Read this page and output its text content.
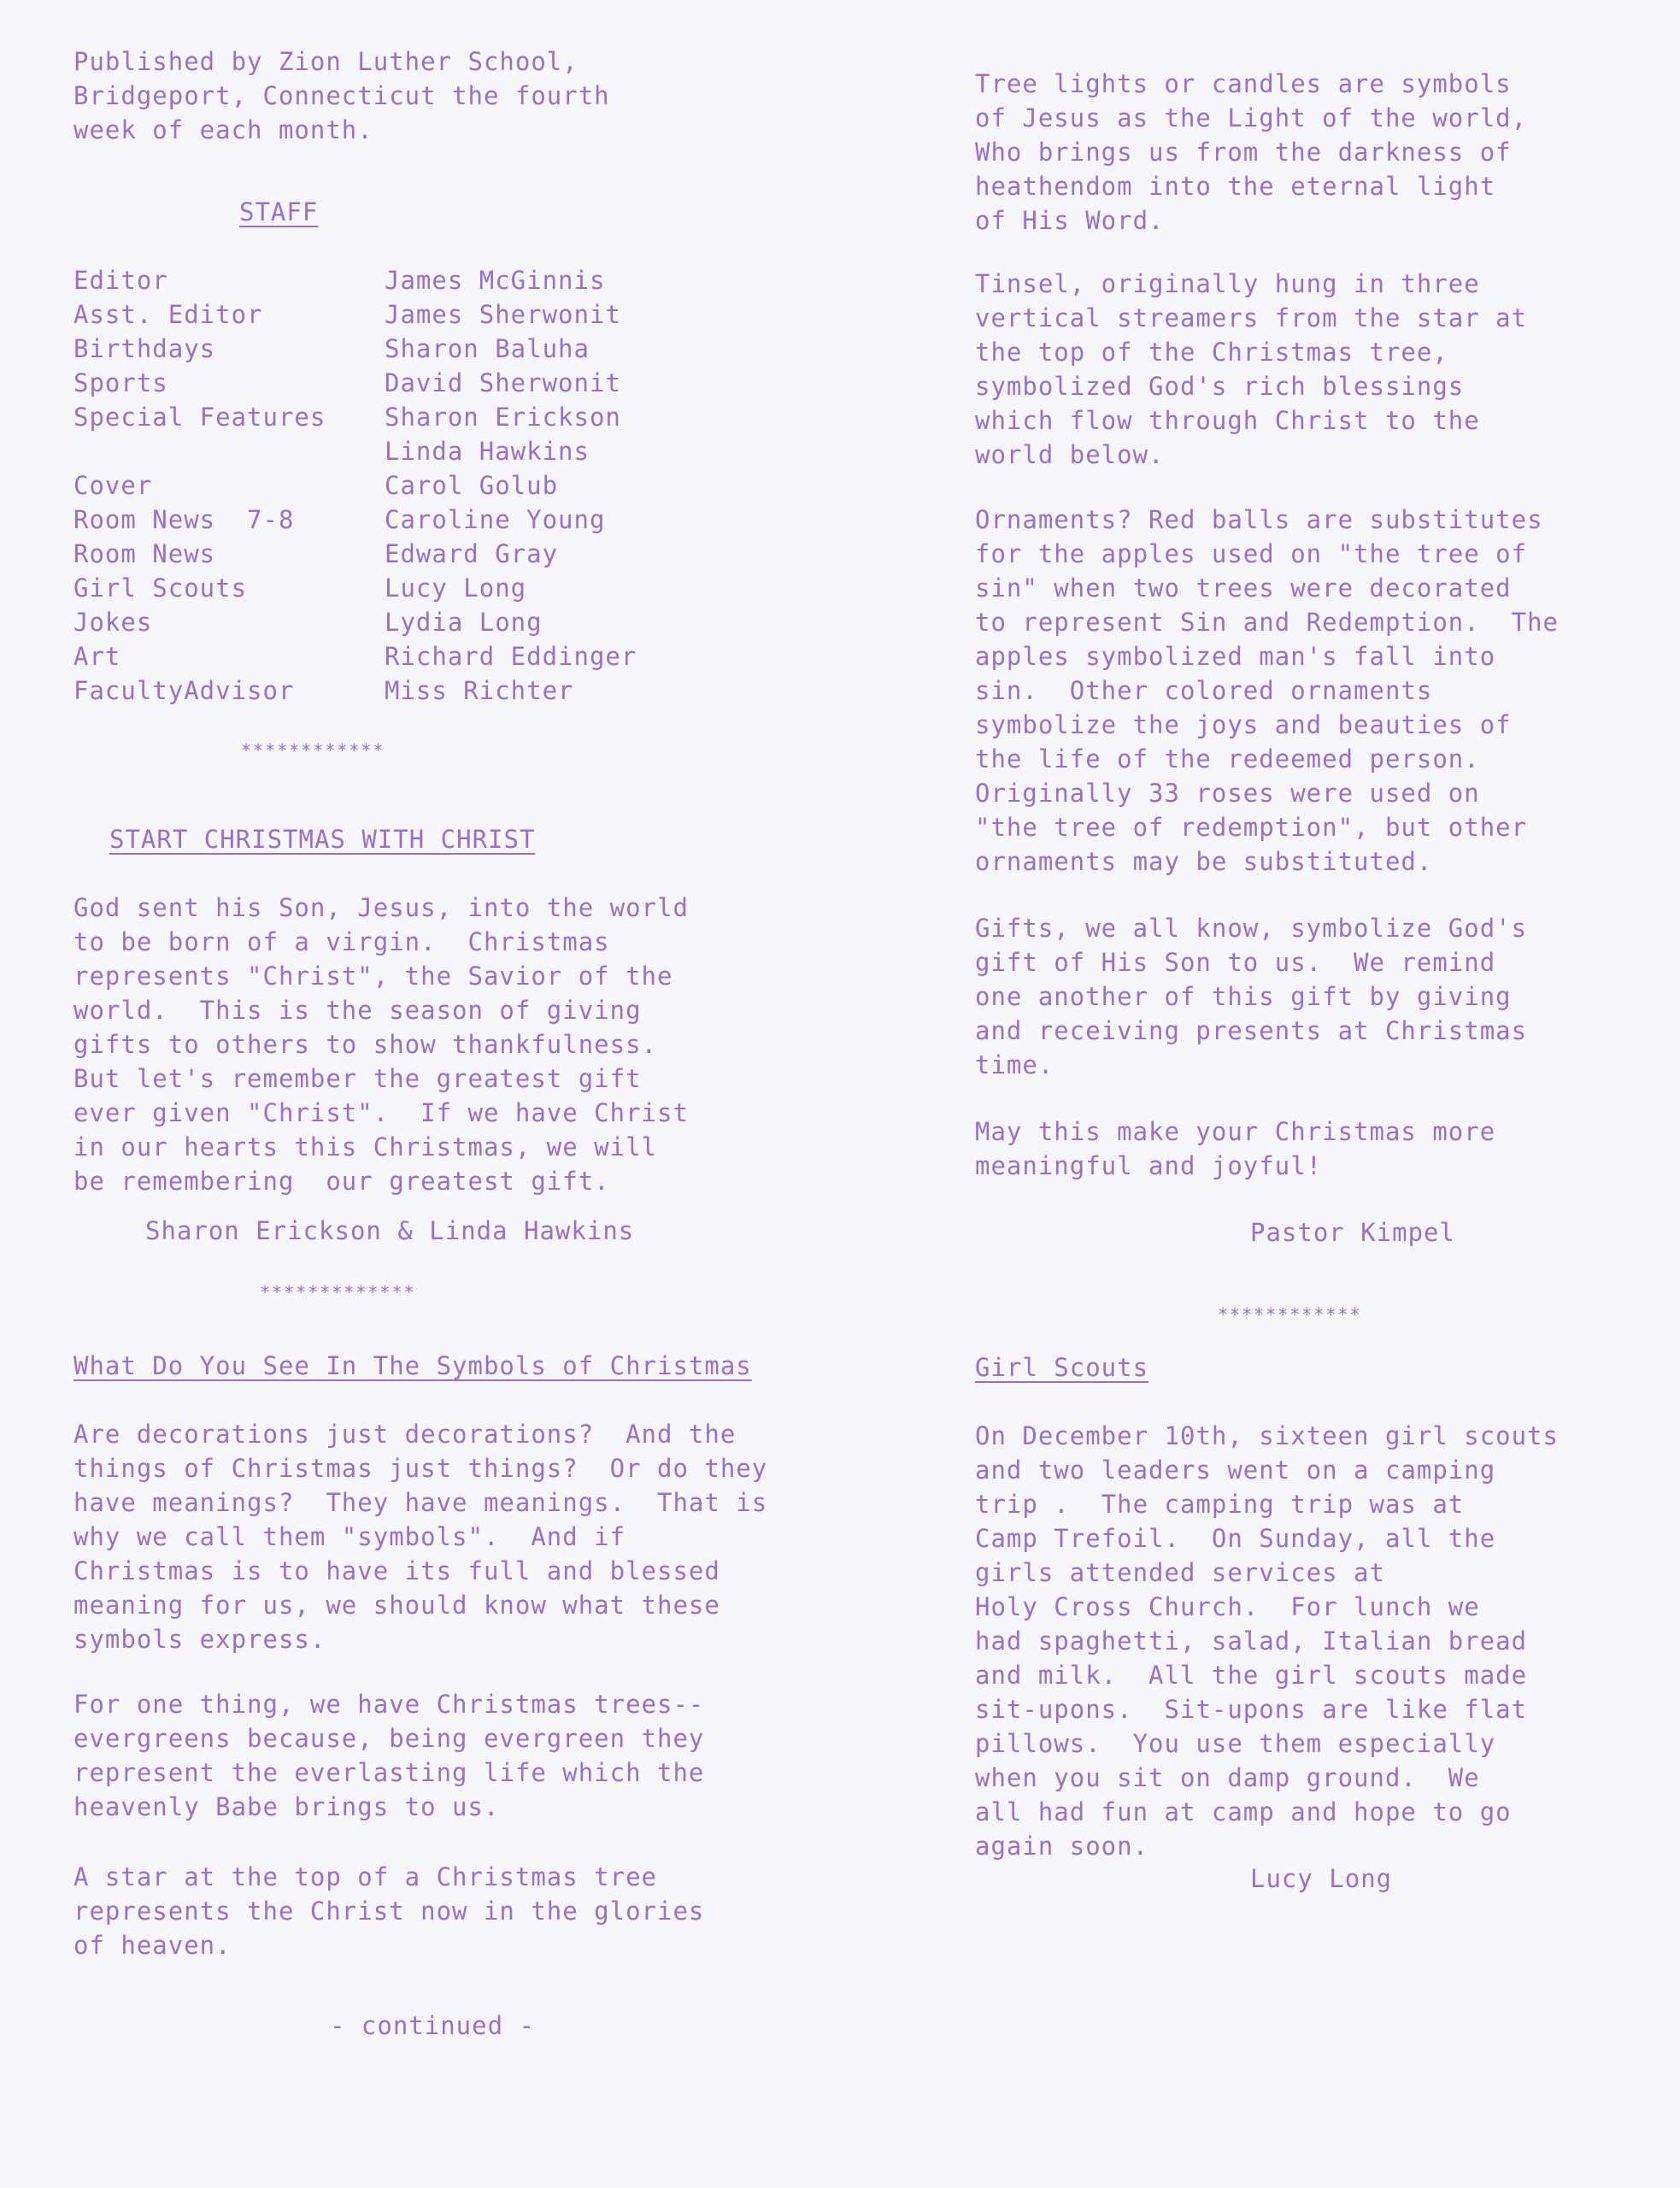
Published by Zion Luther School,

Bridgeport, Connecticut the fourth

week of each month.

STAFF
Editor	James McGinnis
Asst. Editor	James Sherwonit
Birthdays	Sharon Baluha
Sports	David Sherwonit
Special Features	Sharon Erickson
	Linda Hawkins
Cover	Carol Golub
Room News  7-8	Caroline Young
Room News	Edward Gray
Girl Scouts	Lucy Long
Jokes	Lydia Long
Art	Richard Eddinger
FacultyAdvisor	Miss Richter
************
START CHRISTMAS WITH CHRIST

God sent his Son, Jesus, into the world

to be born of a virgin.  Christmas

represents "Christ", the Savior of the

world.  This is the season of giving

gifts to others to show thankfulness.

But let's remember the greatest gift

ever given "Christ".  If we have Christ

in our hearts this Christmas, we will

be remembering  our greatest gift.

Sharon Erickson & Linda Hawkins
*************
What Do You See In The Symbols of Christmas

Are decorations just decorations?  And the

things of Christmas just things?  Or do they

have meanings?  They have meanings.  That is

why we call them "symbols".  And if

Christmas is to have its full and blessed

meaning for us, we should know what these

symbols express.

For one thing, we have Christmas trees--

evergreens because, being evergreen they

represent the everlasting life which the

heavenly Babe brings to us.

A star at the top of a Christmas tree

represents the Christ now in the glories

of heaven.

- continued -

Tree lights or candles are symbols

of Jesus as the Light of the world,

Who brings us from the darkness of

heathendom into the eternal light

of His Word.

Tinsel, originally hung in three

vertical streamers from the star at

the top of the Christmas tree,

symbolized God's rich blessings

which flow through Christ to the

world below.

Ornaments? Red balls are substitutes

for the apples used on "the tree of

sin" when two trees were decorated

to represent Sin and Redemption.  The

apples symbolized man's fall into

sin.  Other colored ornaments

symbolize the joys and beauties of

the life of the redeemed person.

Originally 33 roses were used on

"the tree of redemption", but other

ornaments may be substituted.

Gifts, we all know, symbolize God's

gift of His Son to us.  We remind

one another of this gift by giving

and receiving presents at Christmas

time.

May this make your Christmas more

meaningful and joyful!

Pastor Kimpel
************
Girl Scouts

On December 10th, sixteen girl scouts

and two leaders went on a camping

trip .  The camping trip was at

Camp Trefoil.  On Sunday, all the

girls attended services at

Holy Cross Church.  For lunch we

had spaghetti, salad, Italian bread

and milk.  All the girl scouts made

sit-upons.  Sit-upons are like flat

pillows.  You use them especially

when you sit on damp ground.  We

all had fun at camp and hope to go

again soon.

Lucy Long
